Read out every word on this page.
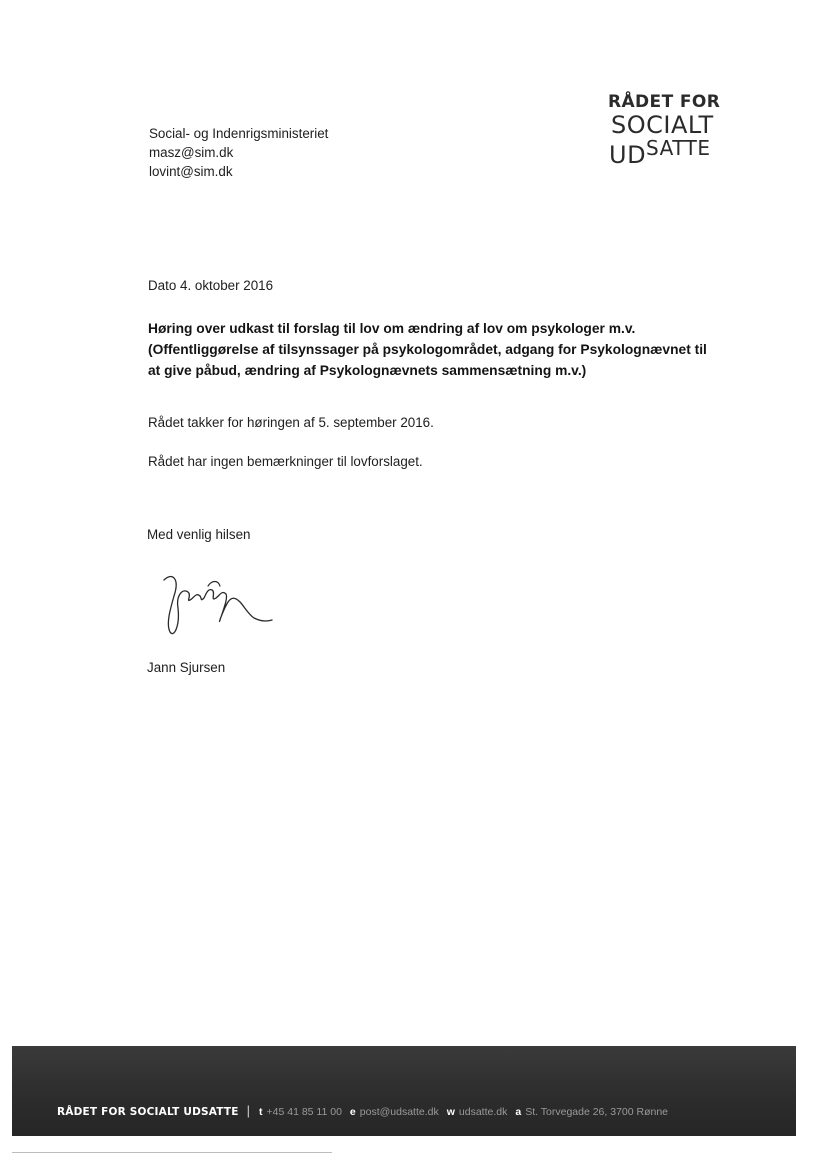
RÅDET FOR
SOCIALT
$UD^{SATTE}$
Social- og Indenrigsministeriet
masz@sim.dk
lovint@sim.dk
Dato 4. oktober 2016
Høring over udkast til forslag til lov om ændring af lov om psykologer m.v.
(Offentliggørelse af tilsynssager på psykologområdet, adgang for Psykolognævnet til
at give påbud, ændring af Psykolognævnets sammensætning m.v.)
Rådet takker for høringen af 5. september 2016.
Rådet har ingen bemærkninger til lovforslaget.
Med venlig hilsen
Jann Sjursen
RÅDET FOR SOCIALT UDSATTE | t +45 41 85 11 00 e post@udsatte.dk w udsatte.dk a St. Torvegade 26, 3700 Rønne
